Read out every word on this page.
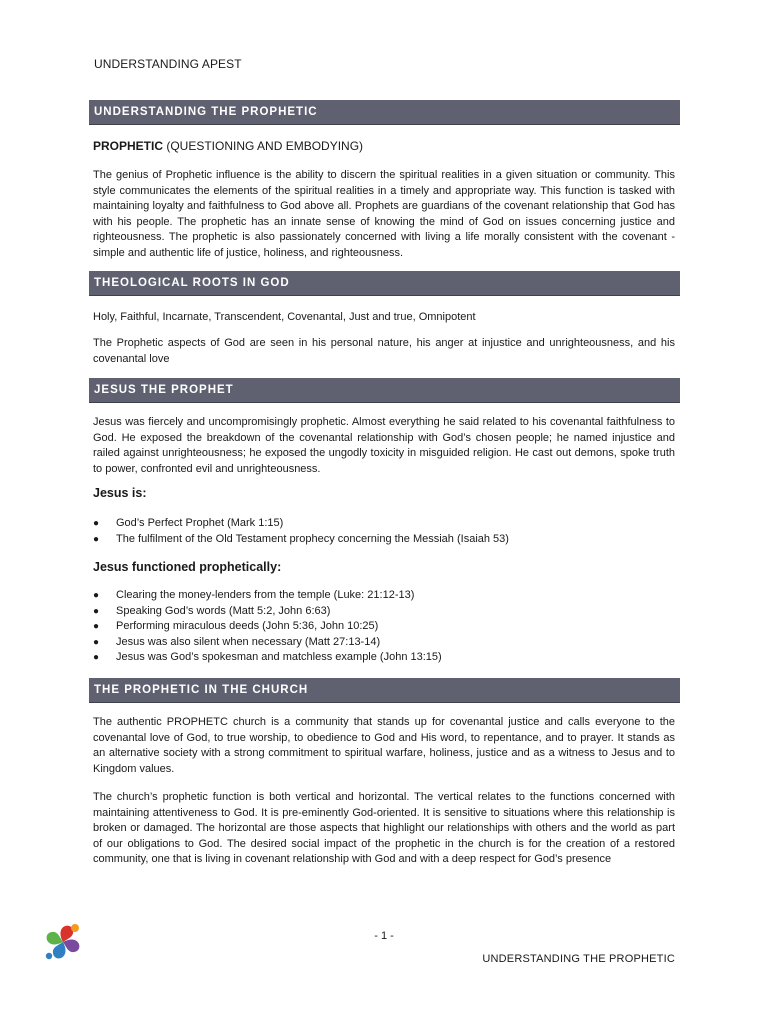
UNDERSTANDING APEST
UNDERSTANDING THE PROPHETIC
PROPHETIC (QUESTIONING AND EMBODYING)

The genius of Prophetic influence is the ability to discern the spiritual realities in a given situation or community. This style communicates the elements of the spiritual realities in a timely and appropriate way. This function is tasked with maintaining loyalty and faithfulness to God above all. Prophets are guardians of the covenant relationship that God has with his people. The prophetic has an innate sense of knowing the mind of God on issues concerning justice and righteousness. The prophetic is also passionately concerned with living a life morally consistent with the covenant - simple and authentic life of justice, holiness, and righteousness.

THEOLOGICAL ROOTS IN GOD

Holy, Faithful, Incarnate, Transcendent, Covenantal, Just and true, Omnipotent

The Prophetic aspects of God are seen in his personal nature, his anger at injustice and unrighteousness, and his covenantal love

JESUS THE PROPHET

Jesus was fiercely and uncompromisingly prophetic. Almost everything he said related to his covenantal faithfulness to God. He exposed the breakdown of the covenantal relationship with God’s chosen people; he named injustice and railed against unrighteousness; he exposed the ungodly toxicity in misguided religion. He cast out demons, spoke truth to power, confronted evil and unrighteousness.

Jesus is:
● God’s Perfect Prophet (Mark 1:15)
● The fulfilment of the Old Testament prophecy concerning the Messiah (Isaiah 53)
Jesus functioned prophetically:
● Clearing the money-lenders from the temple (Luke: 21:12-13)
● Speaking God’s words (Matt 5:2, John 6:63)
● Performing miraculous deeds (John 5:36, John 10:25)
● Jesus was also silent when necessary (Matt 27:13-14)
● Jesus was God’s spokesman and matchless example (John 13:15)
THE PROPHETIC IN THE CHURCH

The authentic PROPHETC church is a community that stands up for covenantal justice and calls everyone to the covenantal love of God, to true worship, to obedience to God and His word, to repentance, and to prayer. It stands as an alternative society with a strong commitment to spiritual warfare, holiness, justice and as a witness to Jesus and to Kingdom values.

The church’s prophetic function is both vertical and horizontal. The vertical relates to the functions concerned with maintaining attentiveness to God. It is pre-eminently God-oriented. It is sensitive to situations where this relationship is broken or damaged. The horizontal are those aspects that highlight our relationships with others and the world as part of our obligations to God. The desired social impact of the prophetic in the church is for the creation of a restored community, one that is living in covenant relationship with God and with a deep respect for God’s presence

- 1 -
UNDERSTANDING THE PROPHETIC
